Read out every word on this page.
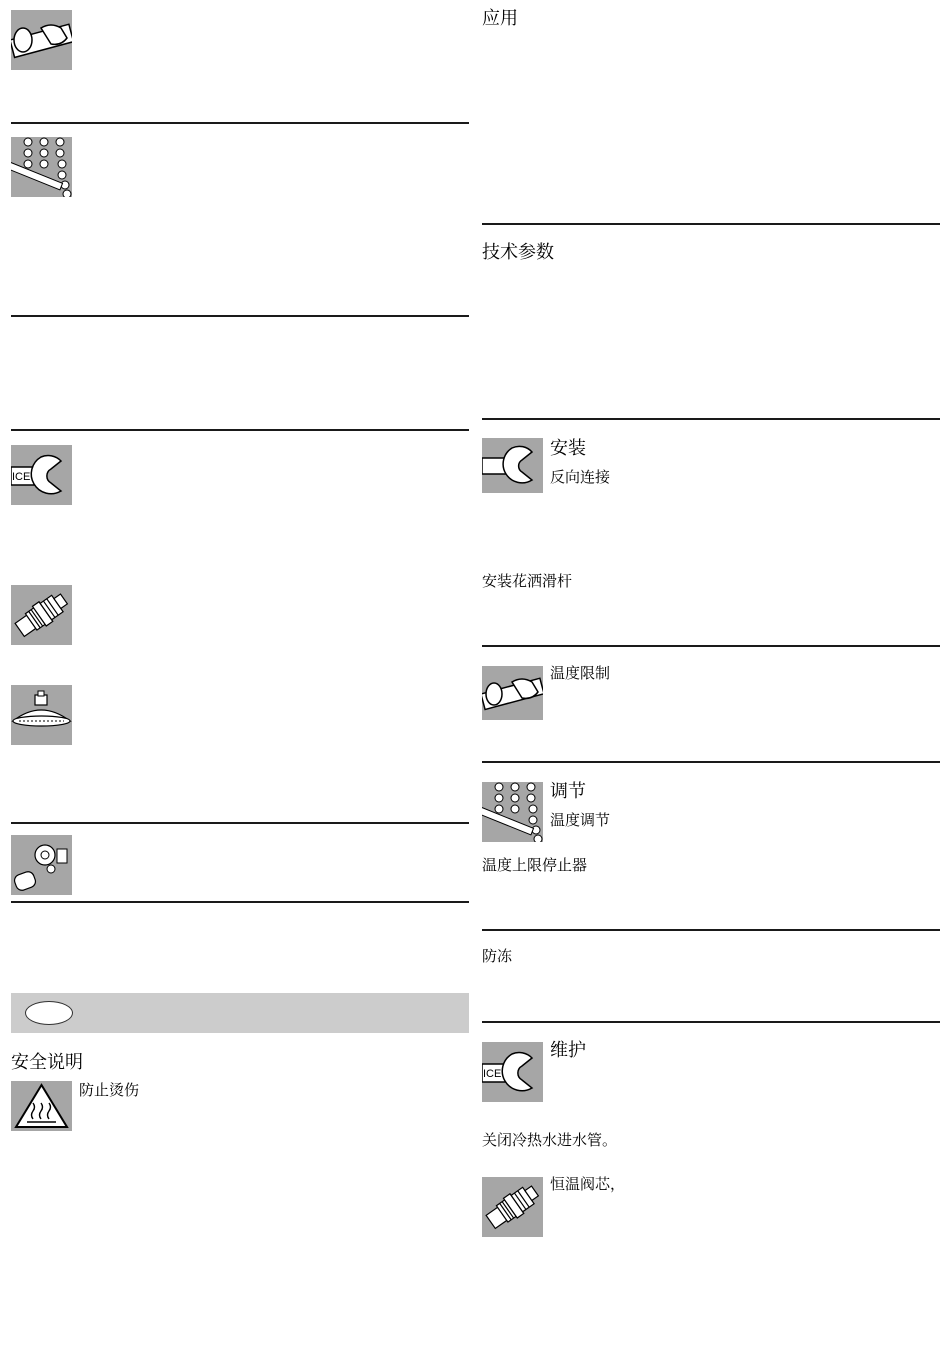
ICE
安全说明
防止烫伤
应用
技术参数
安装
反向连接
安装花洒滑杆
温度限制
调节
温度调节
温度上限停止器
防冻
ICE
维护
关闭冷热水进水管。
恒温阀芯，
